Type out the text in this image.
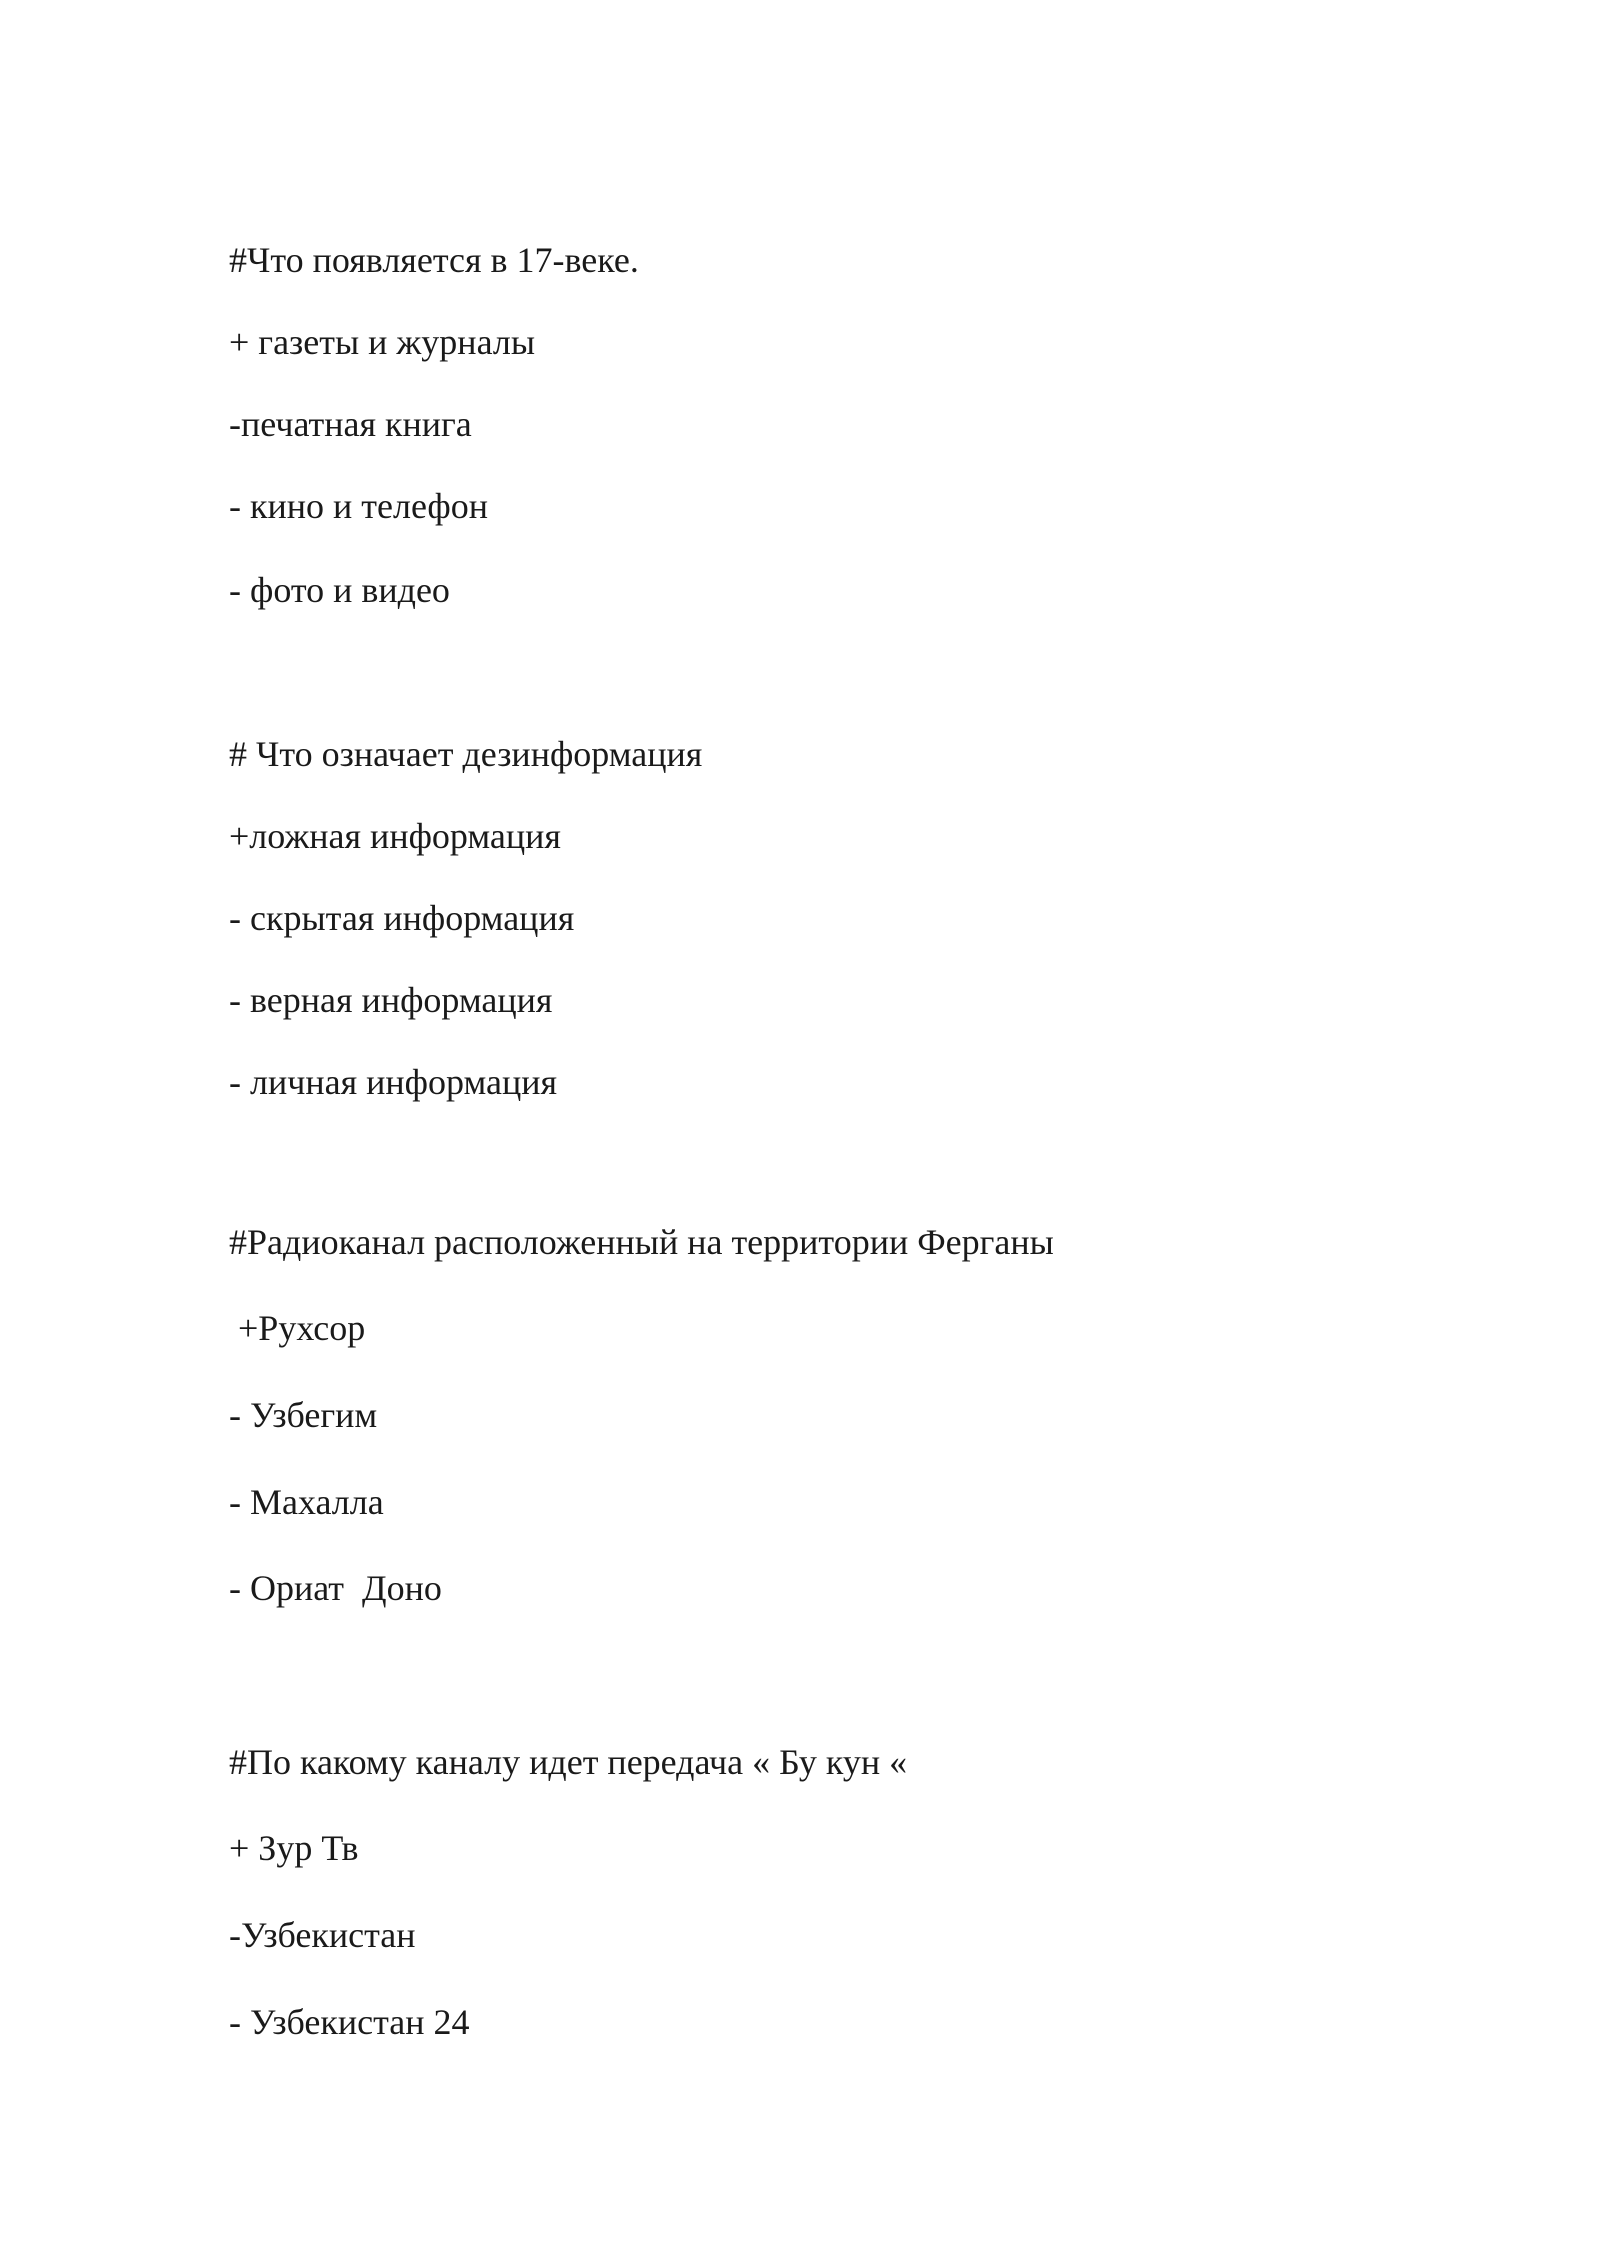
#Что появляется в 17-веке.
+ газеты и журналы
-печатная книга
- кино и телефон
- фото и видео
# Что означает дезинформация
+ложная информация
- скрытая информация
- верная информация
- личная информация
#Радиоканал расположенный на территории Ферганы
+Рухсор
- Узбегим
- Махалла
- Ориат  Доно
#По какому каналу идет передача « Бу кун «
+ Зур Тв
-Узбекистан
- Узбекистан 24
